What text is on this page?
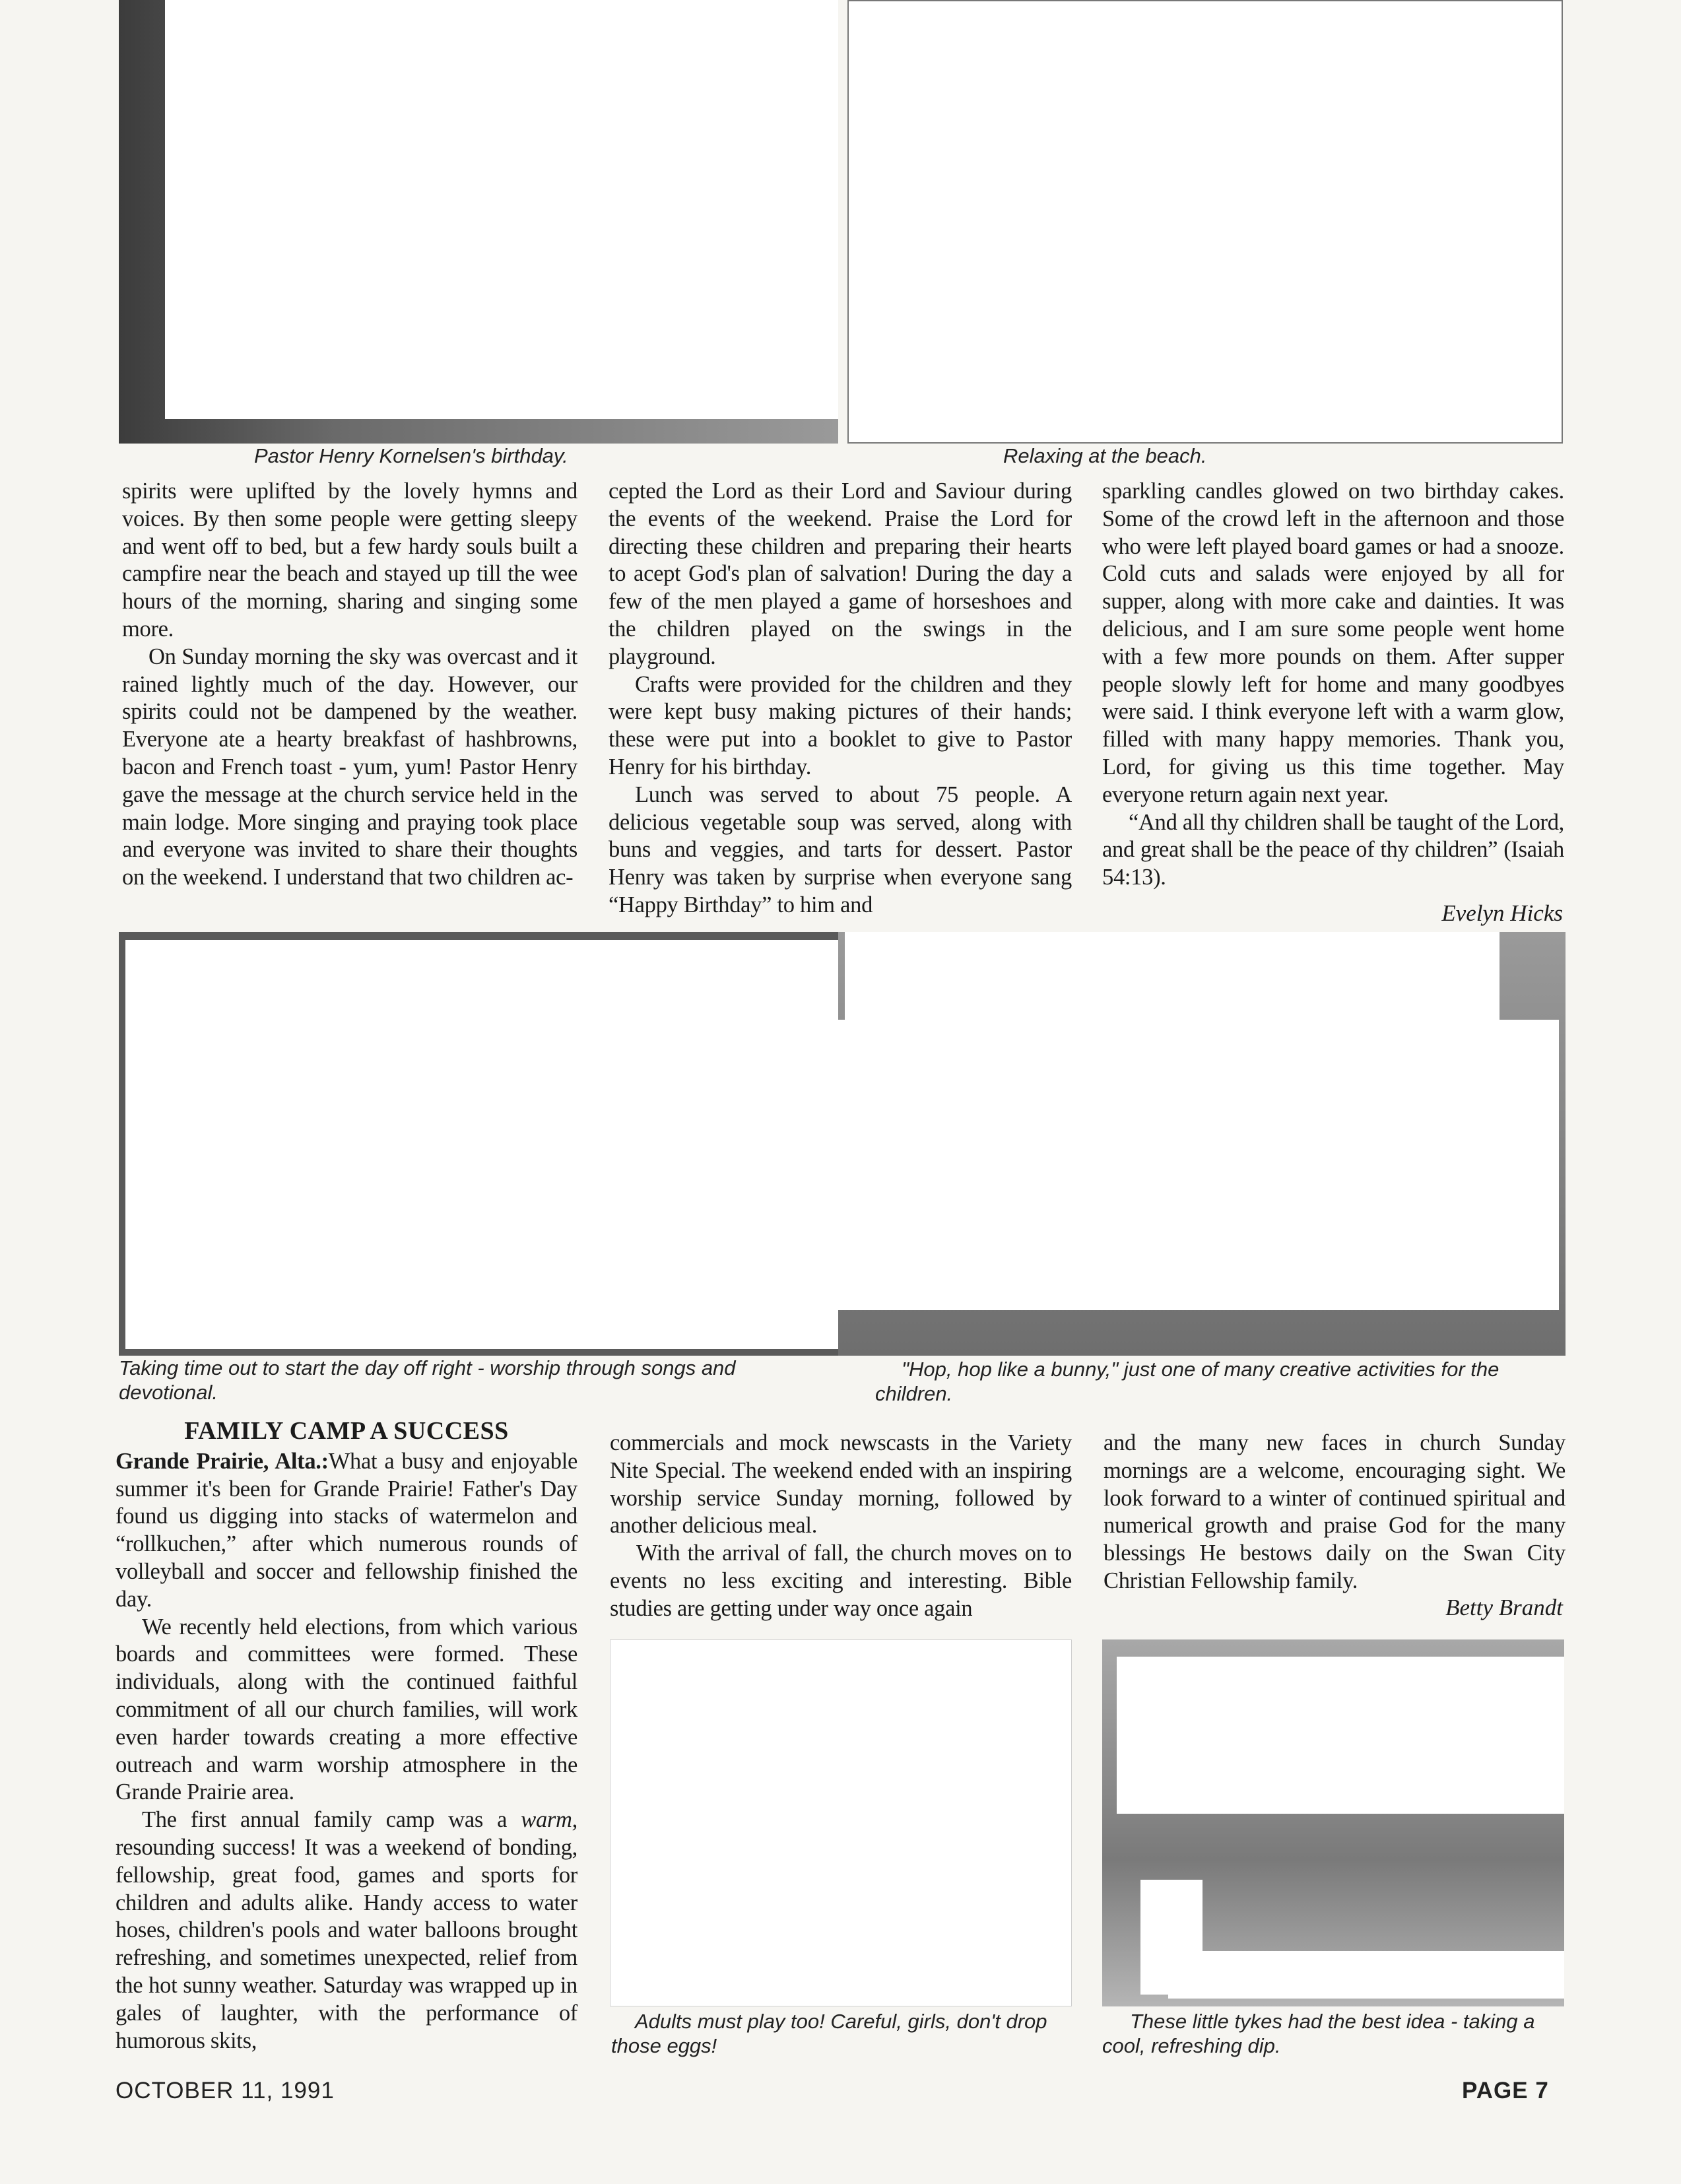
Pastor Henry Kornelsen's birthday.	Relaxing at the beach.

spirits were uplifted by the lovely hymns and voices. By then some people were getting sleepy and went off to bed, but a few hardy souls built a campfire near the beach and stayed up till the wee hours of the morning, sharing and singing some more.

On Sunday morning the sky was overcast and it rained lightly much of the day. However, our spirits could not be dampened by the weather. Everyone ate a hearty breakfast of hashbrowns, bacon and French toast - yum, yum! Pastor Henry gave the message at the church service held in the main lodge. More singing and praying took place and everyone was invited to share their thoughts on the weekend. I understand that two children ac-

cepted the Lord as their Lord and Saviour during the events of the weekend. Praise the Lord for directing these children and preparing their hearts to acept God's plan of salvation! During the day a few of the men played a game of horseshoes and the children played on the swings in the playground.

Crafts were provided for the children and they were kept busy making pictures of their hands; these were put into a booklet to give to Pastor Henry for his birthday.

Lunch was served to about 75 people. A delicious vegetable soup was served, along with buns and veggies, and tarts for dessert. Pastor Henry was taken by surprise when everyone sang “Happy Birthday” to him and

sparkling candles glowed on two birthday cakes. Some of the crowd left in the afternoon and those who were left played board games or had a snooze. Cold cuts and salads were enjoyed by all for supper, along with more cake and dainties. It was delicious, and I am sure some people went home with a few more pounds on them. After supper people slowly left for home and many goodbyes were said. I think everyone left with a warm glow, filled with many happy memories. Thank you, Lord, for giving us this time together. May everyone return again next year.

“And all thy children shall be taught of the Lord, and great shall be the peace of thy children” (Isaiah 54:13).

Evelyn Hicks

Taking time out to start the day off right - worship through songs and devotional.

"Hop, hop like a bunny," just one of many creative activities for the children.

FAMILY CAMP A SUCCESS

Grande Prairie, Alta.:What a busy and enjoyable summer it's been for Grande Prairie! Father's Day found us digging into stacks of watermelon and “rollkuchen,” after which numerous rounds of volleyball and soccer and fellowship finished the day.

We recently held elections, from which various boards and committees were formed. These individuals, along with the continued faithful commitment of all our church families, will work even harder towards creating a more effective outreach and warm worship atmosphere in the Grande Prairie area.

The first annual family camp was a warm, resounding success! It was a weekend of bonding, fellowship, great food, games and sports for children and adults alike. Handy access to water hoses, children's pools and water balloons brought refreshing, and sometimes unexpected, relief from the hot sunny weather. Saturday was wrapped up in gales of laughter, with the performance of humorous skits,

commercials and mock newscasts in the Variety Nite Special. The weekend ended with an inspiring worship service Sunday morning, followed by another delicious meal.

With the arrival of fall, the church moves on to events no less exciting and interesting. Bible studies are getting under way once again

and the many new faces in church Sunday mornings are a welcome, encouraging sight. We look forward to a winter of continued spiritual and numerical growth and praise God for the many blessings He bestows daily on the Swan City Christian Fellowship family.

Betty Brandt

Adults must play too! Careful, girls, don't drop those eggs!

These little tykes had the best idea - taking a cool, refreshing dip.

OCTOBER 11, 1991	PAGE 7
